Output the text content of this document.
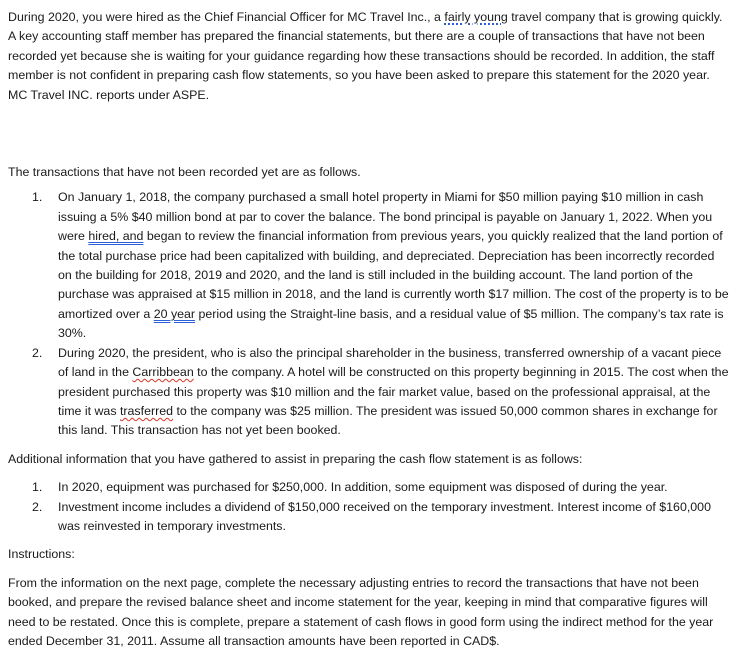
During 2020, you were hired as the Chief Financial Officer for MC Travel Inc., a fairly young travel company that is growing quickly. A key accounting staff member has prepared the financial statements, but there are a couple of transactions that have not been recorded yet because she is waiting for your guidance regarding how these transactions should be recorded. In addition, the staff member is not confident in preparing cash flow statements, so you have been asked to prepare this statement for the 2020 year. MC Travel INC. reports under ASPE.

The transactions that have not been recorded yet are as follows.

1. On January 1, 2018, the company purchased a small hotel property in Miami for $50 million paying $10 million in cash issuing a 5% $40 million bond at par to cover the balance. The bond principal is payable on January 1, 2022. When you were hired, and began to review the financial information from previous years, you quickly realized that the land portion of the total purchase price had been capitalized with building, and depreciated. Depreciation has been incorrectly recorded on the building for 2018, 2019 and 2020, and the land is still included in the building account. The land portion of the purchase was appraised at $15 million in 2018, and the land is currently worth $17 million. The cost of the property is to be amortized over a 20 year period using the Straight-line basis, and a residual value of $5 million. The company’s tax rate is 30%.
2. During 2020, the president, who is also the principal shareholder in the business, transferred ownership of a vacant piece of land in the Carribbean to the company. A hotel will be constructed on this property beginning in 2015. The cost when the president purchased this property was $10 million and the fair market value, based on the professional appraisal, at the time it was trasferred to the company was $25 million. The president was issued 50,000 common shares in exchange for this land. This transaction has not yet been booked.

Additional information that you have gathered to assist in preparing the cash flow statement is as follows:

1. In 2020, equipment was purchased for $250,000. In addition, some equipment was disposed of during the year.
2. Investment income includes a dividend of $150,000 received on the temporary investment. Interest income of $160,000 was reinvested in temporary investments.

Instructions:

From the information on the next page, complete the necessary adjusting entries to record the transactions that have not been booked, and prepare the revised balance sheet and income statement for the year, keeping in mind that comparative figures will need to be restated. Once this is complete, prepare a statement of cash flows in good form using the indirect method for the year ended December 31, 2011. Assume all transaction amounts have been reported in CAD$.
